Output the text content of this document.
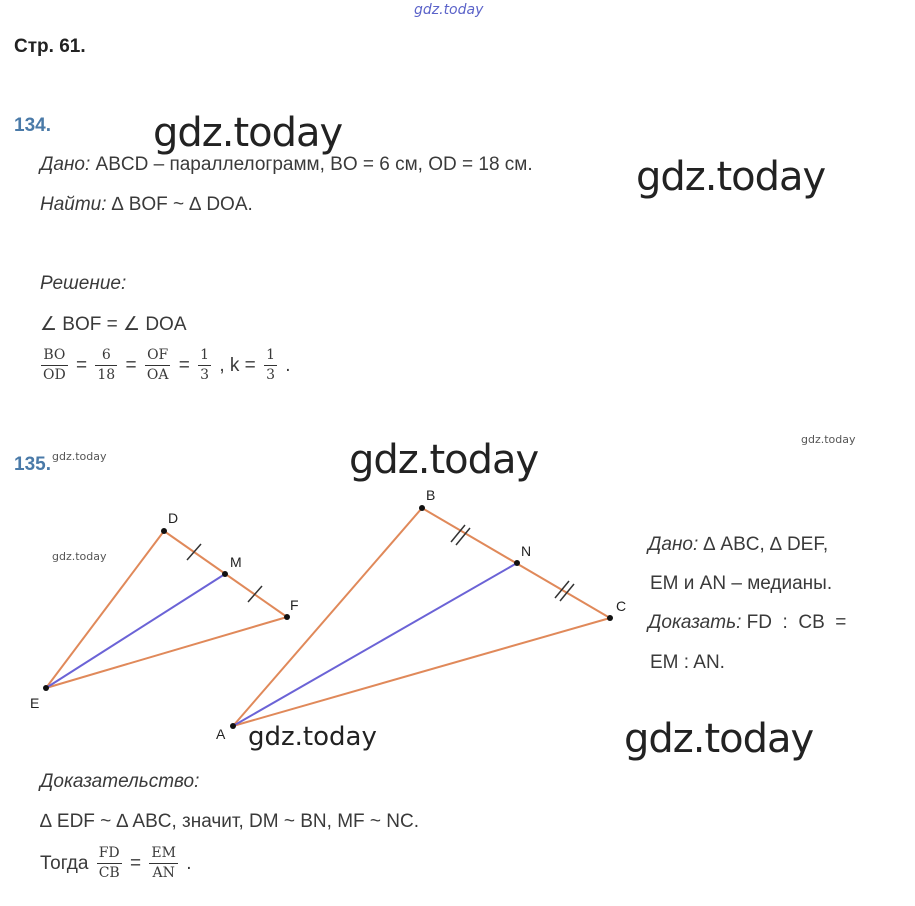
gdz.today
gdz.today
gdz.today
gdz.today
gdz.today
gdz.today
gdz.today
gdz.today
gdz.today
Стр. 61.
134.
Дано: ABCD – параллелограмм, BO = 6 см, OD = 18 см.
Найти: ∆ BOF ~ ∆ DOA.
Решение:
∠ BOF = ∠ DOA
$\frac{BO}{OD} = \frac{6}{18} = \frac{OF}{OA} = \frac{1}{3}$ , $k = \frac{1}{3}$ .
135.
D
M
F
E
B
N
C
A
Дано: ∆ ABC, ∆ DEF,
EM и AN – медианы.
Доказать: FD  :  CB  =
EM : AN.
Доказательство:
∆ EDF ~ ∆ ABC, значит, DM ~ BN, MF ~ NC.
Тогда $\frac{FD}{CB} = \frac{EM}{AN}$ .
